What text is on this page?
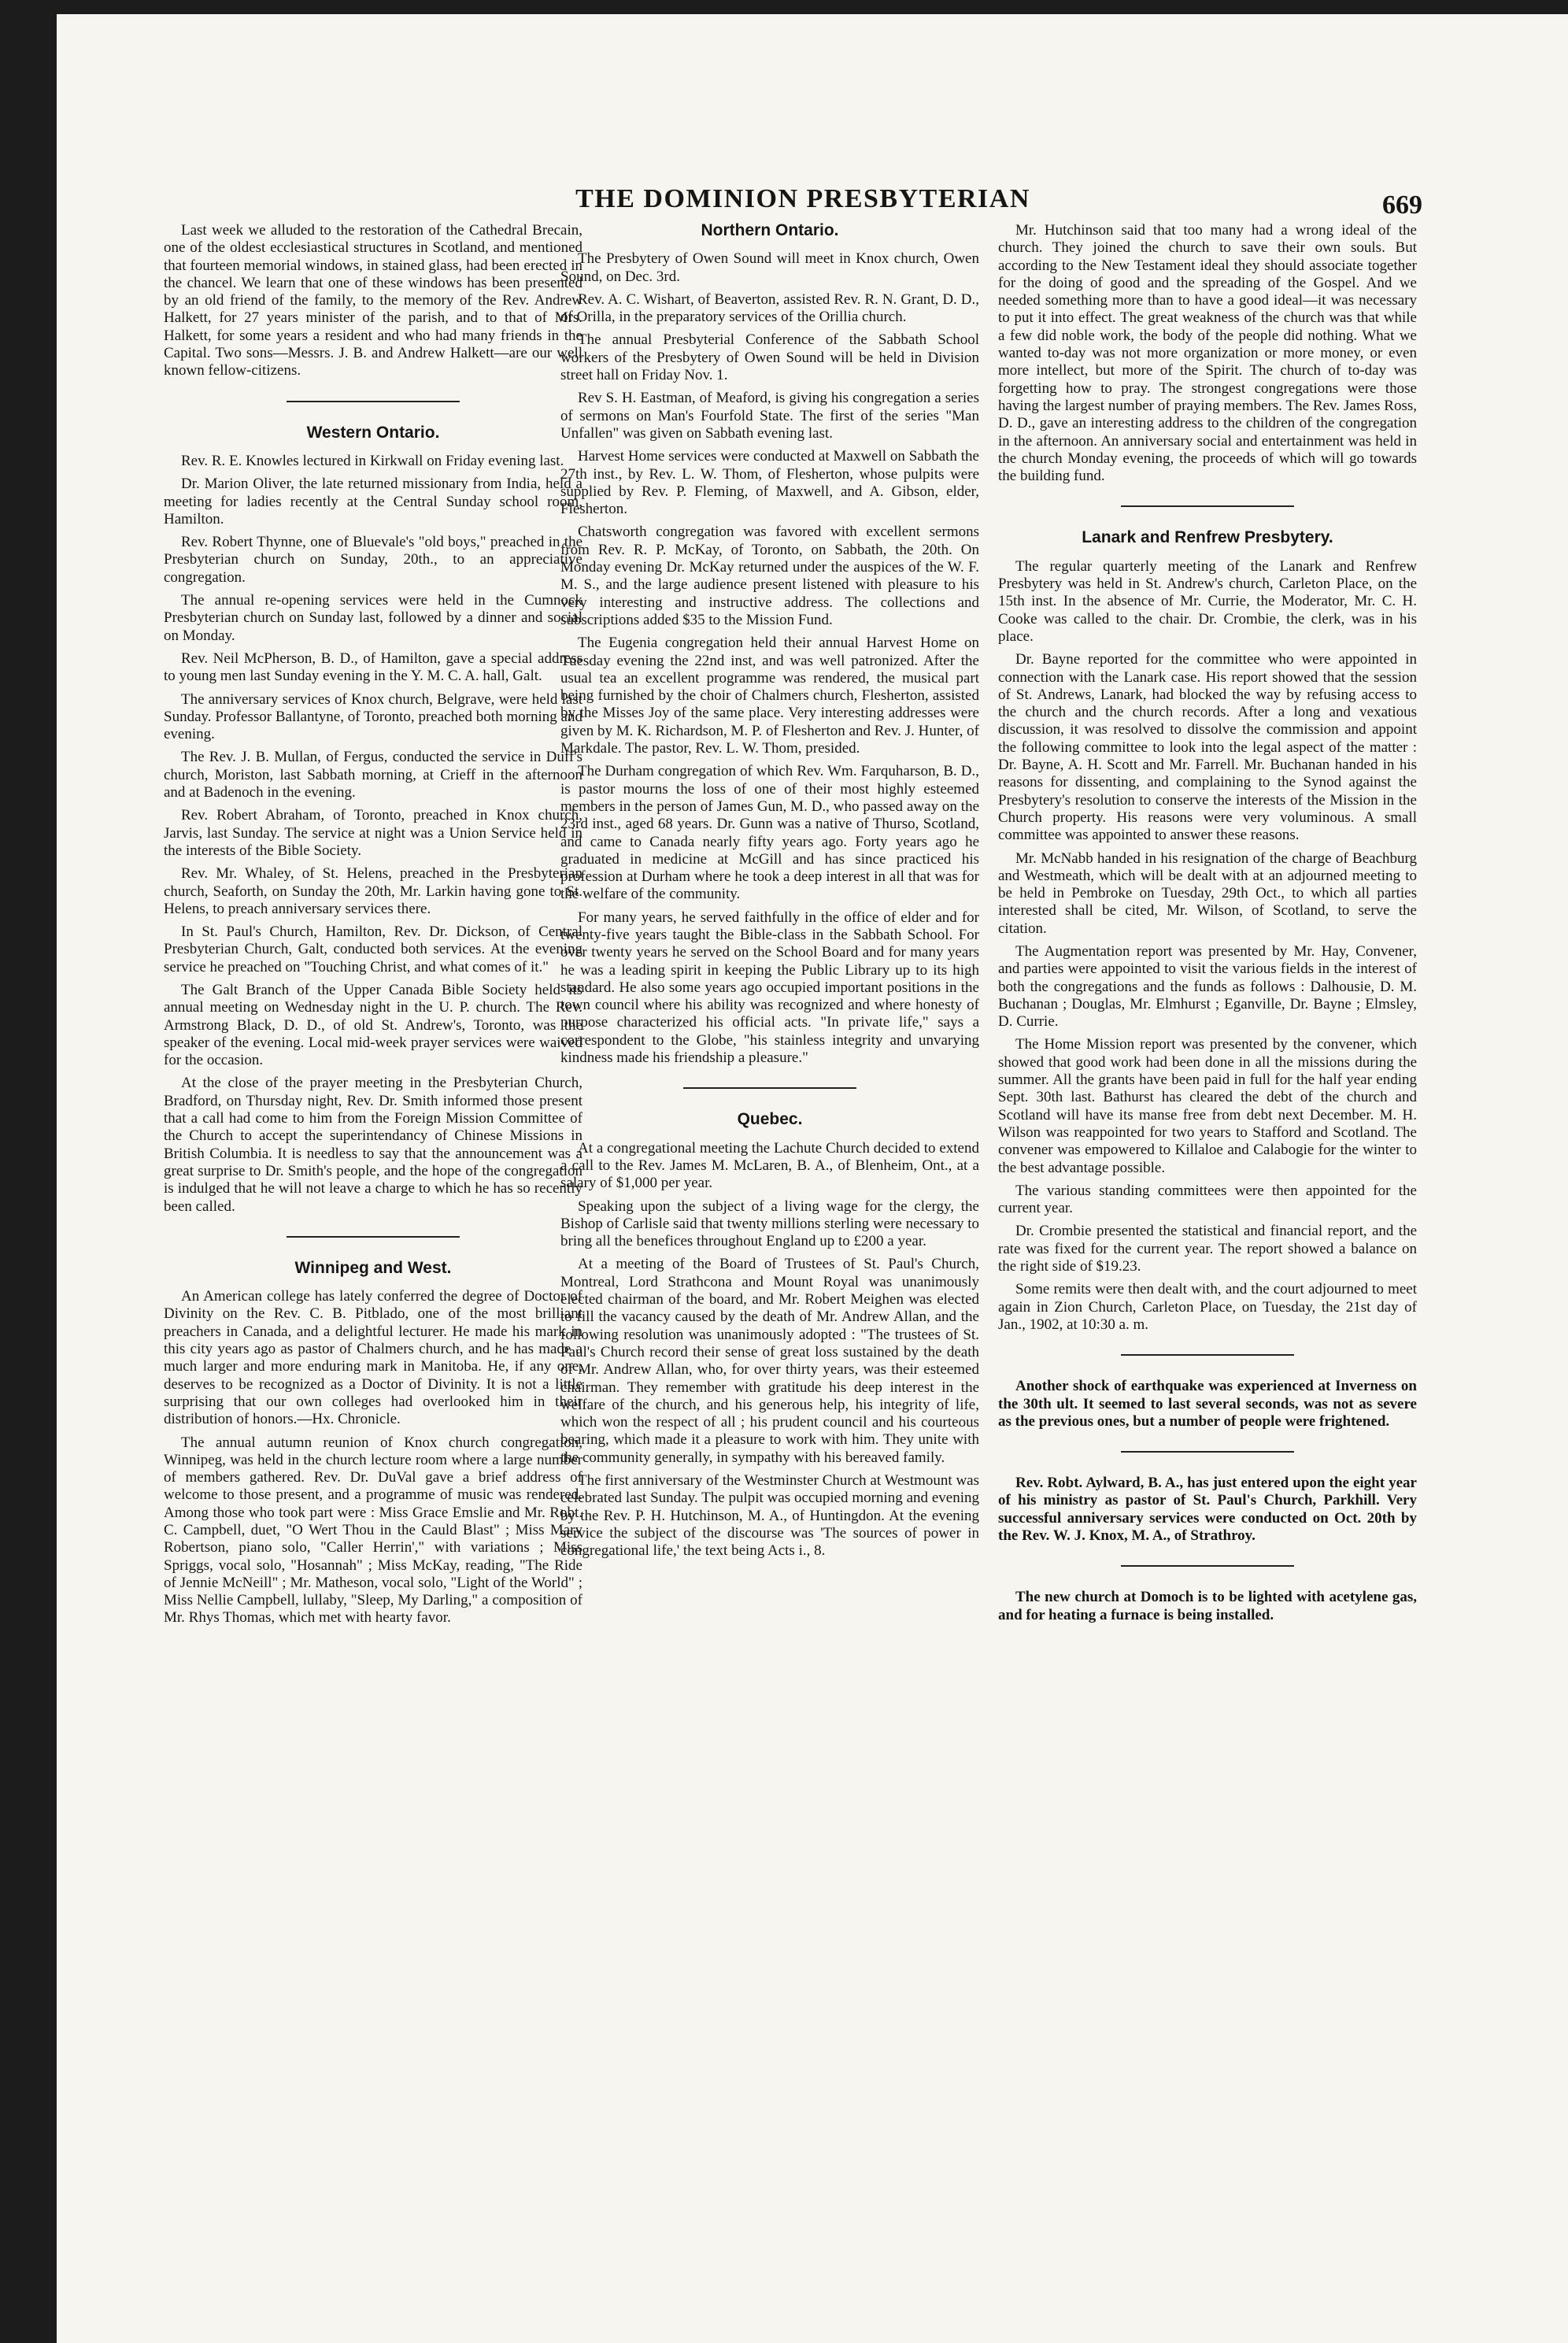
THE DOMINION PRESBYTERIAN	669

Last week we alluded to the restoration of the Cathedral Brecain, one of the oldest ecclesiastical structures in Scotland, and mentioned that fourteen memorial windows, in stained glass, had been erected in the chancel. We learn that one of these windows has been presented by an old friend of the family, to the memory of the Rev. Andrew Halkett, for 27 years minister of the parish, and to that of Mrs. Halkett, for some years a resident and who had many friends in the Capital. Two sons—Messrs. J. B. and Andrew Halkett—are our well known fellow-citizens.

Western Ontario.

Rev. R. E. Knowles lectured in Kirkwall on Friday evening last.

Dr. Marion Oliver, the late returned missionary from India, held a meeting for ladies recently at the Central Sunday school room, Hamilton.

Rev. Robert Thynne, one of Bluevale's "old boys," preached in the Presbyterian church on Sunday, 20th., to an appreciative congregation.

The annual re-opening services were held in the Cumnock Presbyterian church on Sunday last, followed by a dinner and social on Monday.

Rev. Neil McPherson, B. D., of Hamilton, gave a special address to young men last Sunday evening in the Y. M. C. A. hall, Galt.

The anniversary services of Knox church, Belgrave, were held last Sunday. Professor Ballantyne, of Toronto, preached both morning and evening.

The Rev. J. B. Mullan, of Fergus, conducted the service in Duff's church, Moriston, last Sabbath morning, at Crieff in the afternoon and at Badenoch in the evening.

Rev. Robert Abraham, of Toronto, preached in Knox church, Jarvis, last Sunday. The service at night was a Union Service held in the interests of the Bible Society.

Rev. Mr. Whaley, of St. Helens, preached in the Presbyterian church, Seaforth, on Sunday the 20th, Mr. Larkin having gone to St. Helens, to preach anniversary services there.

In St. Paul's Church, Hamilton, Rev. Dr. Dickson, of Central Presbyterian Church, Galt, conducted both services. At the evening service he preached on "Touching Christ, and what comes of it."

The Galt Branch of the Upper Canada Bible Society held its annual meeting on Wednesday night in the U. P. church. The Rev. Armstrong Black, D. D., of old St. Andrew's, Toronto, was the speaker of the evening. Local mid-week prayer services were waived for the occasion.

At the close of the prayer meeting in the Presbyterian Church, Bradford, on Thursday night, Rev. Dr. Smith informed those present that a call had come to him from the Foreign Mission Committee of the Church to accept the superintendancy of Chinese Missions in British Columbia. It is needless to say that the announcement was a great surprise to Dr. Smith's people, and the hope of the congregation is indulged that he will not leave a charge to which he has so recently been called.

Winnipeg and West.

An American college has lately conferred the degree of Doctor of Divinity on the Rev. C. B. Pitblado, one of the most brilliant preachers in Canada, and a delightful lecturer. He made his mark in this city years ago as pastor of Chalmers church, and he has made a much larger and more enduring mark in Manitoba. He, if any one, deserves to be recognized as a Doctor of Divinity. It is not a little surprising that our own colleges had overlooked him in their distribution of honors.—Hx. Chronicle.

The annual autumn reunion of Knox church congregation, Winnipeg, was held in the church lecture room where a large number of members gathered. Rev. Dr. DuVal gave a brief address of welcome to those present, and a programme of music was rendered. Among those who took part were : Miss Grace Emslie and Mr. Robt. C. Campbell, duet, "O Wert Thou in the Cauld Blast" ; Miss Mary Robertson, piano solo, "Caller Herrin'," with variations ; Miss Spriggs, vocal solo, "Hosannah" ; Miss McKay, reading, "The Ride of Jennie McNeill" ; Mr. Matheson, vocal solo, "Light of the World" ; Miss Nellie Campbell, lullaby, "Sleep, My Darling," a composition of Mr. Rhys Thomas, which met with hearty favor.

Northern Ontario.

The Presbytery of Owen Sound will meet in Knox church, Owen Sound, on Dec. 3rd.

Rev. A. C. Wishart, of Beaverton, assisted Rev. R. N. Grant, D. D., of Orilla, in the preparatory services of the Orillia church.

The annual Presbyterial Conference of the Sabbath School workers of the Presbytery of Owen Sound will be held in Division street hall on Friday Nov. 1.

Rev S. H. Eastman, of Meaford, is giving his congregation a series of sermons on Man's Fourfold State. The first of the series "Man Unfallen" was given on Sabbath evening last.

Harvest Home services were conducted at Maxwell on Sabbath the 27th inst., by Rev. L. W. Thom, of Flesherton, whose pulpits were supplied by Rev. P. Fleming, of Maxwell, and A. Gibson, elder, Flesherton.

Chatsworth congregation was favored with excellent sermons from Rev. R. P. McKay, of Toronto, on Sabbath, the 20th. On Monday evening Dr. McKay returned under the auspices of the W. F. M. S., and the large audience present listened with pleasure to his very interesting and instructive address. The collections and subscriptions added $35 to the Mission Fund.

The Eugenia congregation held their annual Harvest Home on Tuesday evening the 22nd inst, and was well patronized. After the usual tea an excellent programme was rendered, the musical part being furnished by the choir of Chalmers church, Flesherton, assisted by the Misses Joy of the same place. Very interesting addresses were given by M. K. Richardson, M. P. of Flesherton and Rev. J. Hunter, of Markdale. The pastor, Rev. L. W. Thom, presided.

The Durham congregation of which Rev. Wm. Farquharson, B. D., is pastor mourns the loss of one of their most highly esteemed members in the person of James Gun, M. D., who passed away on the 23rd inst., aged 68 years. Dr. Gunn was a native of Thurso, Scotland, and came to Canada nearly fifty years ago. Forty years ago he graduated in medicine at McGill and has since practiced his profession at Durham where he took a deep interest in all that was for the welfare of the community.

For many years, he served faithfully in the office of elder and for twenty-five years taught the Bible-class in the Sabbath School. For over twenty years he served on the School Board and for many years he was a leading spirit in keeping the Public Library up to its high standard. He also some years ago occupied important positions in the town council where his ability was recognized and where honesty of purpose characterized his official acts. "In private life," says a correspondent to the Globe, "his stainless integrity and unvarying kindness made his friendship a pleasure."

Quebec.

At a congregational meeting the Lachute Church decided to extend a call to the Rev. James M. McLaren, B. A., of Blenheim, Ont., at a salary of $1,000 per year.

Speaking upon the subject of a living wage for the clergy, the Bishop of Carlisle said that twenty millions sterling were necessary to bring all the benefices throughout England up to £200 a year.

At a meeting of the Board of Trustees of St. Paul's Church, Montreal, Lord Strathcona and Mount Royal was unanimously elected chairman of the board, and Mr. Robert Meighen was elected to fill the vacancy caused by the death of Mr. Andrew Allan, and the following resolution was unanimously adopted : "The trustees of St. Paul's Church record their sense of great loss sustained by the death of Mr. Andrew Allan, who, for over thirty years, was their esteemed chairman. They remember with gratitude his deep interest in the welfare of the church, and his generous help, his integrity of life, which won the respect of all ; his prudent council and his courteous bearing, which made it a pleasure to work with him. They unite with the community generally, in sympathy with his bereaved family.

The first anniversary of the Westminster Church at Westmount was celebrated last Sunday. The pulpit was occupied morning and evening by the Rev. P. H. Hutchinson, M. A., of Huntingdon. At the evening service the subject of the discourse was 'The sources of power in congregational life,' the text being Acts i., 8.

Mr. Hutchinson said that too many had a wrong ideal of the church. They joined the church to save their own souls. But according to the New Testament ideal they should associate together for the doing of good and the spreading of the Gospel. And we needed something more than to have a good ideal—it was necessary to put it into effect. The great weakness of the church was that while a few did noble work, the body of the people did nothing. What we wanted to-day was not more organization or more money, or even more intellect, but more of the Spirit. The church of to-day was forgetting how to pray. The strongest congregations were those having the largest number of praying members. The Rev. James Ross, D. D., gave an interesting address to the children of the congregation in the afternoon. An anniversary social and entertainment was held in the church Monday evening, the proceeds of which will go towards the building fund.

Lanark and Renfrew Presbytery.

The regular quarterly meeting of the Lanark and Renfrew Presbytery was held in St. Andrew's church, Carleton Place, on the 15th inst. In the absence of Mr. Currie, the Moderator, Mr. C. H. Cooke was called to the chair. Dr. Crombie, the clerk, was in his place.

Dr. Bayne reported for the committee who were appointed in connection with the Lanark case. His report showed that the session of St. Andrews, Lanark, had blocked the way by refusing access to the church and the church records. After a long and vexatious discussion, it was resolved to dissolve the commission and appoint the following committee to look into the legal aspect of the matter : Dr. Bayne, A. H. Scott and Mr. Farrell. Mr. Buchanan handed in his reasons for dissenting, and complaining to the Synod against the Presbytery's resolution to conserve the interests of the Mission in the Church property. His reasons were very voluminous. A small committee was appointed to answer these reasons.

Mr. McNabb handed in his resignation of the charge of Beachburg and Westmeath, which will be dealt with at an adjourned meeting to be held in Pembroke on Tuesday, 29th Oct., to which all parties interested shall be cited, Mr. Wilson, of Scotland, to serve the citation.

The Augmentation report was presented by Mr. Hay, Convener, and parties were appointed to visit the various fields in the interest of both the congregations and the funds as follows : Dalhousie, D. M. Buchanan ; Douglas, Mr. Elmhurst ; Eganville, Dr. Bayne ; Elmsley, D. Currie.

The Home Mission report was presented by the convener, which showed that good work had been done in all the missions during the summer. All the grants have been paid in full for the half year ending Sept. 30th last. Bathurst has cleared the debt of the church and Scotland will have its manse free from debt next December. M. H. Wilson was reappointed for two years to Stafford and Scotland. The convener was empowered to Killaloe and Calabogie for the winter to the best advantage possible.

The various standing committees were then appointed for the current year.

Dr. Crombie presented the statistical and financial report, and the rate was fixed for the current year. The report showed a balance on the right side of $19.23.

Some remits were then dealt with, and the court adjourned to meet again in Zion Church, Carleton Place, on Tuesday, the 21st day of Jan., 1902, at 10:30 a. m.

Another shock of earthquake was experienced at Inverness on the 30th ult. It seemed to last several seconds, was not as severe as the previous ones, but a number of people were frightened.

Rev. Robt. Aylward, B. A., has just entered upon the eight year of his ministry as pastor of St. Paul's Church, Parkhill. Very successful anniversary services were conducted on Oct. 20th by the Rev. W. J. Knox, M. A., of Strathroy.

The new church at Domoch is to be lighted with acetylene gas, and for heating a furnace is being installed.
